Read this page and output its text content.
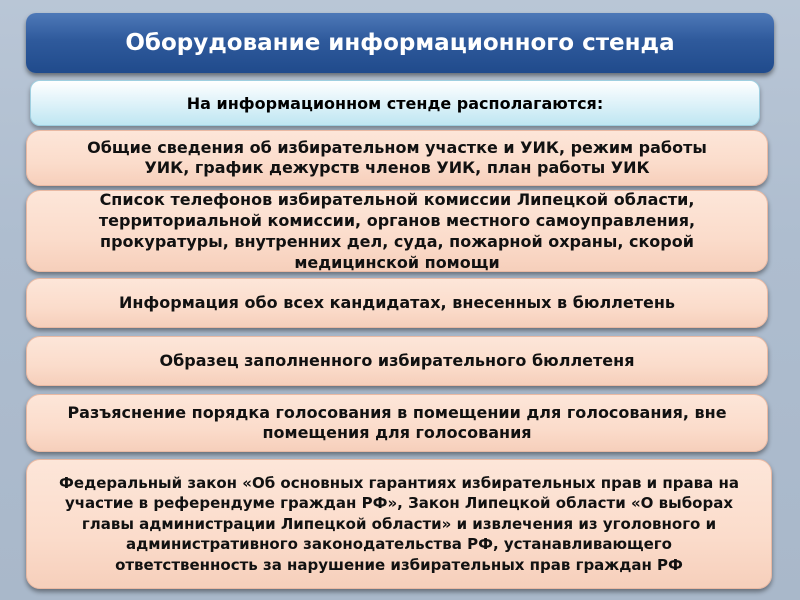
Оборудование информационного стенда
На информационном стенде располагаются:
Общие сведения об избирательном участке и УИК, режим работы УИК, график дежурств членов УИК, план работы УИК
Список телефонов избирательной комиссии Липецкой области, территориальной комиссии, органов местного самоуправления, прокуратуры, внутренних дел, суда, пожарной охраны, скорой медицинской помощи
Информация обо всех кандидатах, внесенных в бюллетень
Образец заполненного избирательного бюллетеня
Разъяснение порядка голосования в помещении для голосования, вне помещения для голосования
Федеральный закон «Об основных гарантиях избирательных прав и права на участие в референдуме граждан РФ», Закон Липецкой области «О выборах главы администрации Липецкой области» и извлечения из уголовного и административного законодательства РФ, устанавливающего ответственность за нарушение избирательных прав граждан РФ
